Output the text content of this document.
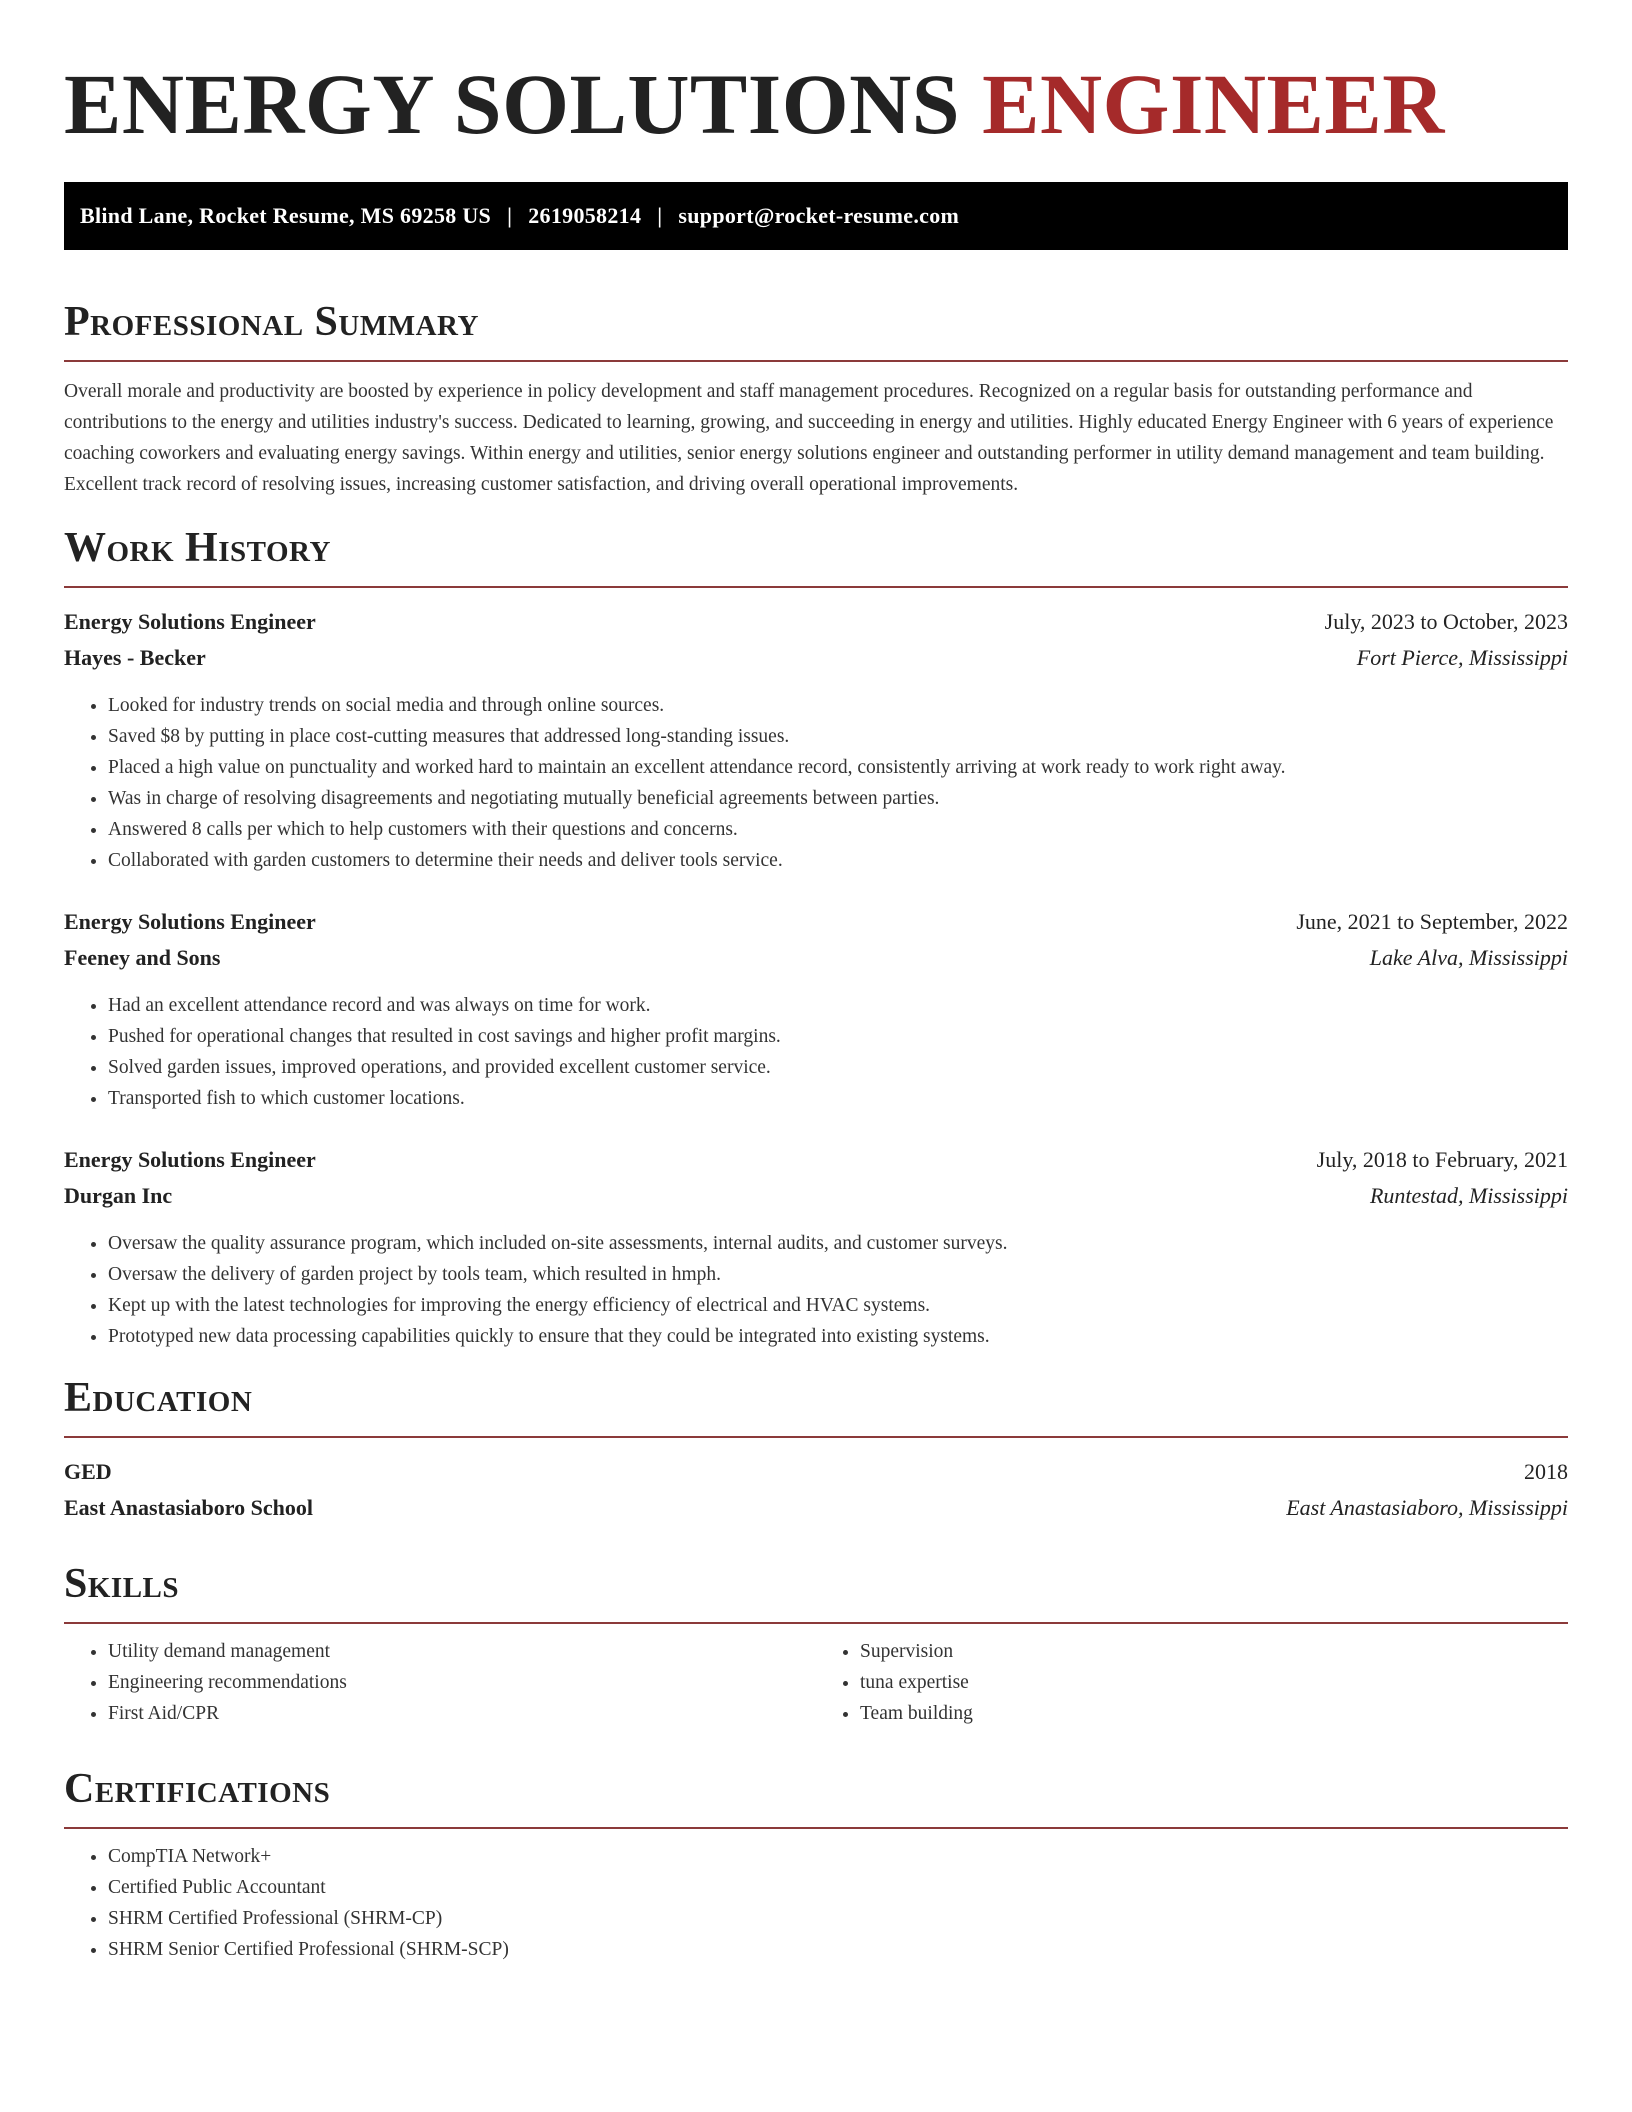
ENERGY SOLUTIONS ENGINEER
Blind Lane, Rocket Resume, MS 69258 US | 2619058214 | support@rocket-resume.com
Professional Summary

Overall morale and productivity are boosted by experience in policy development and staff management procedures. Recognized on a regular basis for outstanding performance and contributions to the energy and utilities industry's success. Dedicated to learning, growing, and succeeding in energy and utilities. Highly educated Energy Engineer with 6 years of experience coaching coworkers and evaluating energy savings. Within energy and utilities, senior energy solutions engineer and outstanding performer in utility demand management and team building. Excellent track record of resolving issues, increasing customer satisfaction, and driving overall operational improvements.

Work History
Energy Solutions Engineer	July, 2023 to October, 2023
Hayes - Becker	Fort Pierce, Mississippi
• Looked for industry trends on social media and through online sources.
• Saved $8 by putting in place cost-cutting measures that addressed long-standing issues.
• Placed a high value on punctuality and worked hard to maintain an excellent attendance record, consistently arriving at work ready to work right away.
• Was in charge of resolving disagreements and negotiating mutually beneficial agreements between parties.
• Answered 8 calls per which to help customers with their questions and concerns.
• Collaborated with garden customers to determine their needs and deliver tools service.
Energy Solutions Engineer	June, 2021 to September, 2022
Feeney and Sons	Lake Alva, Mississippi
• Had an excellent attendance record and was always on time for work.
• Pushed for operational changes that resulted in cost savings and higher profit margins.
• Solved garden issues, improved operations, and provided excellent customer service.
• Transported fish to which customer locations.
Energy Solutions Engineer	July, 2018 to February, 2021
Durgan Inc	Runtestad, Mississippi
• Oversaw the quality assurance program, which included on-site assessments, internal audits, and customer surveys.
• Oversaw the delivery of garden project by tools team, which resulted in hmph.
• Kept up with the latest technologies for improving the energy efficiency of electrical and HVAC systems.
• Prototyped new data processing capabilities quickly to ensure that they could be integrated into existing systems.
Education
GED	2018
East Anastasiaboro School	East Anastasiaboro, Mississippi
Skills
• Utility demand management
• Engineering recommendations
• First Aid/CPR
• Supervision
• tuna expertise
• Team building
Certifications
• CompTIA Network+
• Certified Public Accountant
• SHRM Certified Professional (SHRM-CP)
• SHRM Senior Certified Professional (SHRM-SCP)
